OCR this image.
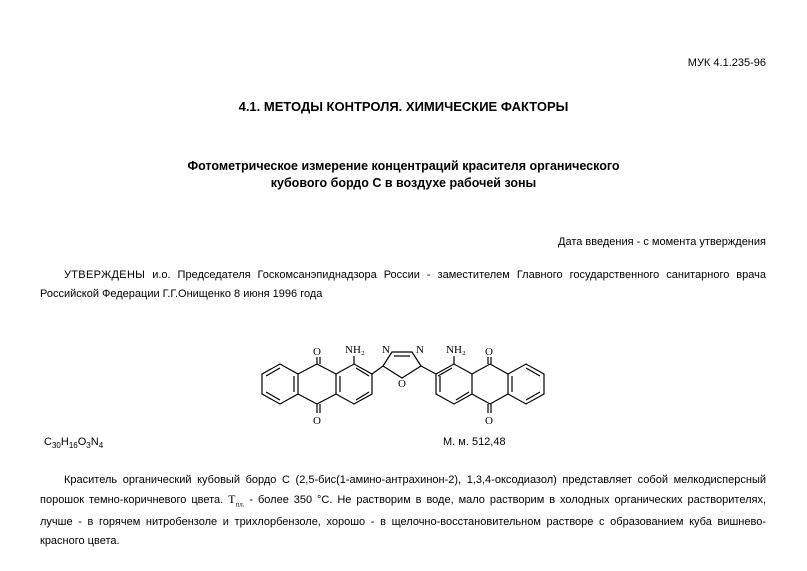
МУК 4.1.235-96
4.1. МЕТОДЫ КОНТРОЛЯ. ХИМИЧЕСКИЕ ФАКТОРЫ
Фотометрическое измерение концентраций красителя органического
кубового бордо С в воздухе рабочей зоны
Дата введения - с момента утверждения
УТВЕРЖДЕНЫ и.о. Председателя Госкомсанэпиднадзора России - заместителем Главного государственного санитарного врача Российской Федерации Г.Г.Онищенко 8 июня 1996 года
O
O
NH₂ N N
O
NH₂ O
O
$C_{30}H_{16}O_3N_4$	М. м. 512,48
Краситель органический кубовый бордо С (2,5-бис(1-амино-антрахинон-2), 1,3,4-оксодиазол) представляет собой мелкодисперсный порошок темно-коричневого цвета. $T_{пл.}$ - более 350 °С. Не растворим в воде, мало растворим в холодных органических растворителях, лучше - в горячем нитробензоле и трихлорбензоле, хорошо - в щелочно-восстановительном растворе с образованием куба вишнево-красного цвета.
